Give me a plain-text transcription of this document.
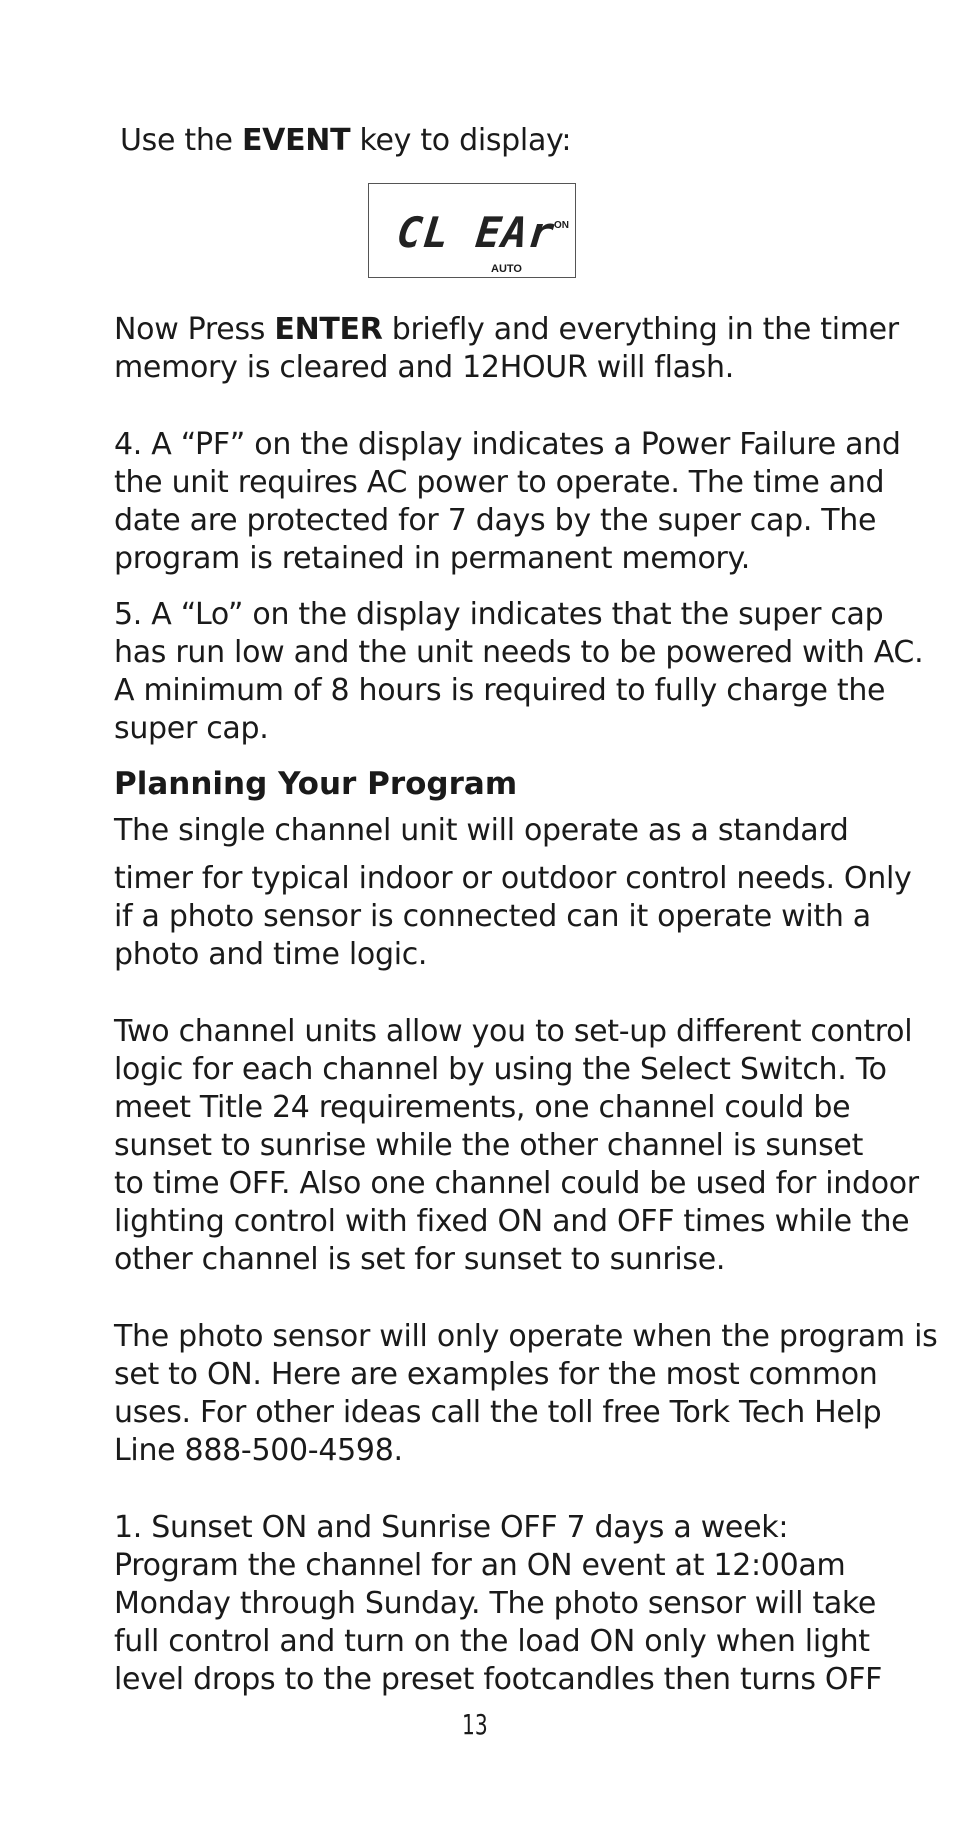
Use the EVENT key to display:
CL EAr
ON
AUTO
Now Press ENTER briefly and everything in the timer
memory is cleared and 12HOUR will flash.
4. A “PF” on the display indicates a Power Failure and
the unit requires AC power to operate. The time and
date are protected for 7 days by the super cap. The
program is retained in permanent memory.
5. A “Lo” on the display indicates that the super cap
has run low and the unit needs to be powered with AC.
A minimum of 8 hours is required to fully charge the
super cap.
Planning Your Program
The single channel unit will operate as a standard
timer for typical indoor or outdoor control needs. Only
if a photo sensor is connected can it operate with a
photo and time logic.
Two channel units allow you to set-up different control
logic for each channel by using the Select Switch. To
meet Title 24 requirements, one channel could be
sunset to sunrise while the other channel is sunset
to time OFF. Also one channel could be used for indoor
lighting control with fixed ON and OFF times while the
other channel is set for sunset to sunrise.
The photo sensor will only operate when the program is
set to ON. Here are examples for the most common
uses. For other ideas call the toll free Tork Tech Help
Line 888-500-4598.
1. Sunset ON and Sunrise OFF 7 days a week:
Program the channel for an ON event at 12:00am
Monday through Sunday. The photo sensor will take
full control and turn on the load ON only when light
level drops to the preset footcandles then turns OFF
13
